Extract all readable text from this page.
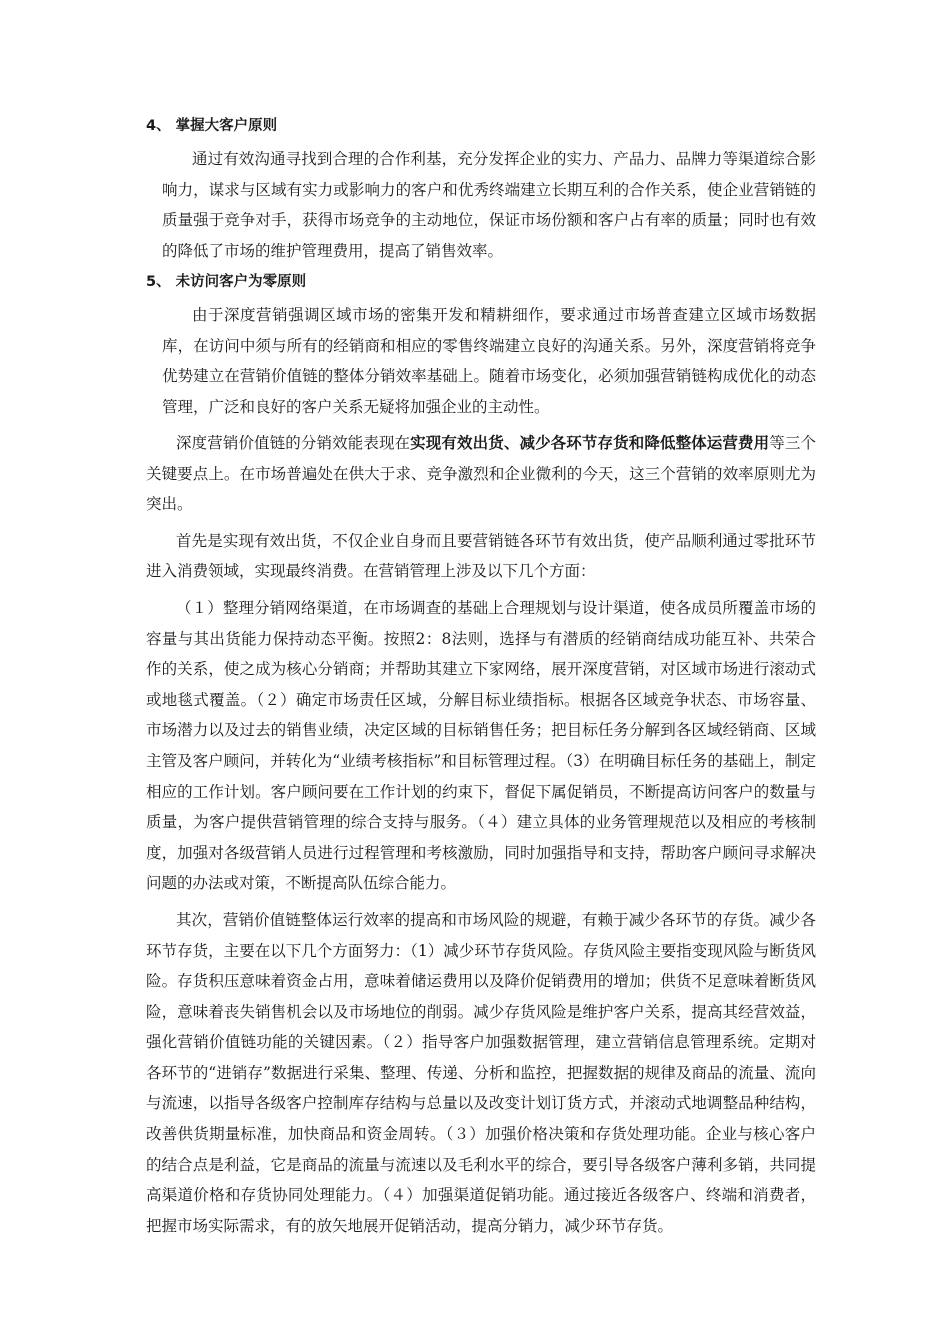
4、 掌握大客户原则

通过有效沟通寻找到合理的合作利基，充分发挥企业的实力、产品力、品牌力等渠道综合影响力，谋求与区域有实力或影响力的客户和优秀终端建立长期互利的合作关系，使企业营销链的质量强于竞争对手，获得市场竞争的主动地位，保证市场份额和客户占有率的质量；同时也有效的降低了市场的维护管理费用，提高了销售效率。

5、 未访问客户为零原则

由于深度营销强调区域市场的密集开发和精耕细作，要求通过市场普查建立区域市场数据库，在访问中须与所有的经销商和相应的零售终端建立良好的沟通关系。另外，深度营销将竞争优势建立在营销价值链的整体分销效率基础上。随着市场变化，必须加强营销链构成优化的动态管理，广泛和良好的客户关系无疑将加强企业的主动性。

深度营销价值链的分销效能表现在实现有效出货、减少各环节存货和降低整体运营费用等三个关键要点上。在市场普遍处在供大于求、竞争激烈和企业微利的今天，这三个营销的效率原则尤为突出。

首先是实现有效出货，不仅企业自身而且要营销链各环节有效出货，使产品顺利通过零批环节进入消费领域，实现最终消费。在营销管理上涉及以下几个方面：

（１）整理分销网络渠道，在市场调查的基础上合理规划与设计渠道，使各成员所覆盖市场的容量与其出货能力保持动态平衡。按照2：8法则，选择与有潜质的经销商结成功能互补、共荣合作的关系，使之成为核心分销商；并帮助其建立下家网络，展开深度营销，对区域市场进行滚动式或地毯式覆盖。（２）确定市场责任区域，分解目标业绩指标。根据各区域竞争状态、市场容量、市场潜力以及过去的销售业绩，决定区域的目标销售任务；把目标任务分解到各区域经销商、区域主管及客户顾问，并转化为“业绩考核指标”和目标管理过程。（3）在明确目标任务的基础上，制定相应的工作计划。客户顾问要在工作计划的约束下，督促下属促销员，不断提高访问客户的数量与质量，为客户提供营销管理的综合支持与服务。（４）建立具体的业务管理规范以及相应的考核制度，加强对各级营销人员进行过程管理和考核激励，同时加强指导和支持，帮助客户顾问寻求解决问题的办法或对策，不断提高队伍综合能力。

其次，营销价值链整体运行效率的提高和市场风险的规避，有赖于减少各环节的存货。减少各环节存货，主要在以下几个方面努力：（1）减少环节存货风险。存货风险主要指变现风险与断货风险。存货积压意味着资金占用，意味着储运费用以及降价促销费用的增加；供货不足意味着断货风险，意味着丧失销售机会以及市场地位的削弱。减少存货风险是维护客户关系，提高其经营效益，强化营销价值链功能的关键因素。（２）指导客户加强数据管理，建立营销信息管理系统。定期对各环节的“进销存”数据进行采集、整理、传递、分析和监控，把握数据的规律及商品的流量、流向与流速，以指导各级客户控制库存结构与总量以及改变计划订货方式，并滚动式地调整品种结构，改善供货期量标准，加快商品和资金周转。（３）加强价格决策和存货处理功能。企业与核心客户的结合点是利益，它是商品的流量与流速以及毛利水平的综合，要引导各级客户薄利多销，共同提高渠道价格和存货协同处理能力。（４）加强渠道促销功能。通过接近各级客户、终端和消费者，把握市场实际需求，有的放矢地展开促销活动，提高分销力，减少环节存货。
